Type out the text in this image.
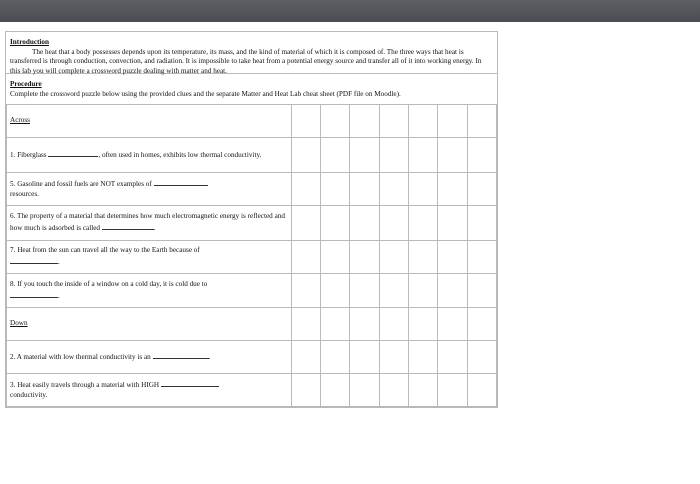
Introduction

The heat that a body possesses depends upon its temperature, its mass, and the kind of material of which it is composed of. The three ways that heat is transferred is through conduction, convection, and radiation. It is impossible to take heat from a potential energy source and transfer all of it into working energy. In this lab you will complete a crossword puzzle dealing with matter and heat.

Procedure
Complete the crossword puzzle below using the provided clues and the separate Matter and Heat Lab cheat sheet (PDF file on Moodle).
Across							
1. Fiberglass , often used in homes, exhibits low thermal conductivity.							
5. Gasoline and fossil fuels are NOT examples of
resources.							
6. The property of a material that determines how much electromagnetic energy is reflected and how much is adsorbed is called .							
7. Heat from the sun can travel all the way to the Earth because of
.							
8. If you touch the inside of a window on a cold day, it is cold due to
.							
Down							
2. A material with low thermal conductivity is an .							
3. Heat easily travels through a material with HIGH
conductivity.							
